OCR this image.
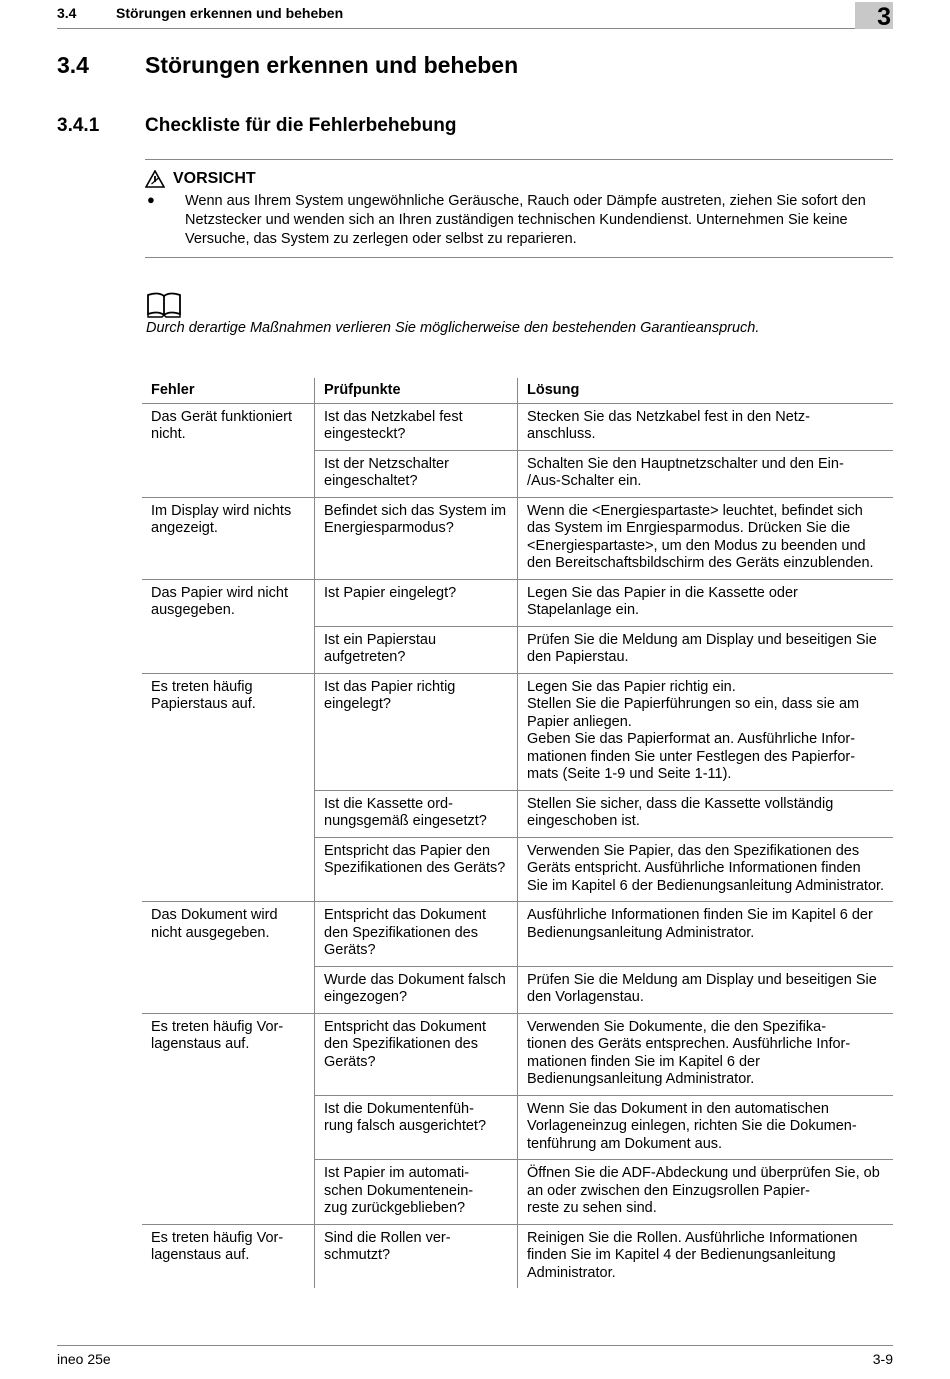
3.4	Störungen erkennen und beheben	3
3.4 Störungen erkennen und beheben
3.4.1 Checkliste für die Fehlerbehebung
VORSICHT
● Wenn aus Ihrem System ungewöhnliche Geräusche, Rauch oder Dämpfe austreten, ziehen Sie sofort den Netzstecker und wenden sich an Ihren zuständigen technischen Kundendienst. Unternehmen Sie keine Versuche, das System zu zerlegen oder selbst zu reparieren.
Durch derartige Maßnahmen verlieren Sie möglicherweise den bestehenden Garantieanspruch.
Fehler	Prüfpunkte	Lösung
Das Gerät funktioniert nicht.	Ist das Netzkabel fest eingesteckt?	Stecken Sie das Netzkabel fest in den Netz-
anschluss.
	Ist der Netzschalter eingeschaltet?	Schalten Sie den Hauptnetzschalter und den Ein-
/Aus-Schalter ein.
Im Display wird nichts angezeigt.	Befindet sich das System im Energiesparmodus?	Wenn die <Energiespartaste> leuchtet, befindet sich das System im Enrgiesparmodus. Drücken Sie die <Energiespartaste>, um den Modus zu beenden und den Bereitschaftsbildschirm des Geräts einzublenden.
Das Papier wird nicht ausgegeben.	Ist Papier eingelegt?	Legen Sie das Papier in die Kassette oder Stapelanlage ein.
	Ist ein Papierstau aufgetreten?	Prüfen Sie die Meldung am Display und beseitigen Sie den Papierstau.
Es treten häufig Papierstaus auf.	Ist das Papier richtig eingelegt?	Legen Sie das Papier richtig ein.
Stellen Sie die Papierführungen so ein, dass sie am Papier anliegen.
Geben Sie das Papierformat an. Ausführliche Infor-
mationen finden Sie unter Festlegen des Papierfor-
mats (Seite 1-9 und Seite 1-11).
	Ist die Kassette ord-
nungsgemäß eingesetzt?	Stellen Sie sicher, dass die Kassette vollständig eingeschoben ist.
	Entspricht das Papier den Spezifikationen des Geräts?	Verwenden Sie Papier, das den Spezifikationen des Geräts entspricht. Ausführliche Informationen finden Sie im Kapitel 6 der Bedienungsanleitung Administrator.
Das Dokument wird nicht ausgegeben.	Entspricht das Dokument den Spezifikationen des Geräts?	Ausführliche Informationen finden Sie im Kapitel 6 der Bedienungsanleitung Administrator.
	Wurde das Dokument falsch eingezogen?	Prüfen Sie die Meldung am Display und beseitigen Sie den Vorlagenstau.
Es treten häufig Vor-
lagenstaus auf.	Entspricht das Dokument den Spezifikationen des Geräts?	Verwenden Sie Dokumente, die den Spezifika-
tionen des Geräts entsprechen. Ausführliche Infor-
mationen finden Sie im Kapitel 6 der Bedienungsanleitung Administrator.
	Ist die Dokumentenfüh-
rung falsch ausgerichtet?	Wenn Sie das Dokument in den automatischen Vorlageneinzug einlegen, richten Sie die Dokumen-
tenführung am Dokument aus.
	Ist Papier im automati-
schen Dokumentenein-
zug zurückgeblieben?	Öffnen Sie die ADF-Abdeckung und überprüfen Sie, ob an oder zwischen den Einzugsrollen Papier-
reste zu sehen sind.
Es treten häufig Vor-
lagenstaus auf.	Sind die Rollen ver-
schmutzt?	Reinigen Sie die Rollen. Ausführliche Informationen finden Sie im Kapitel 4 der Bedienungsanleitung Administrator.
ineo 25e	3-9
